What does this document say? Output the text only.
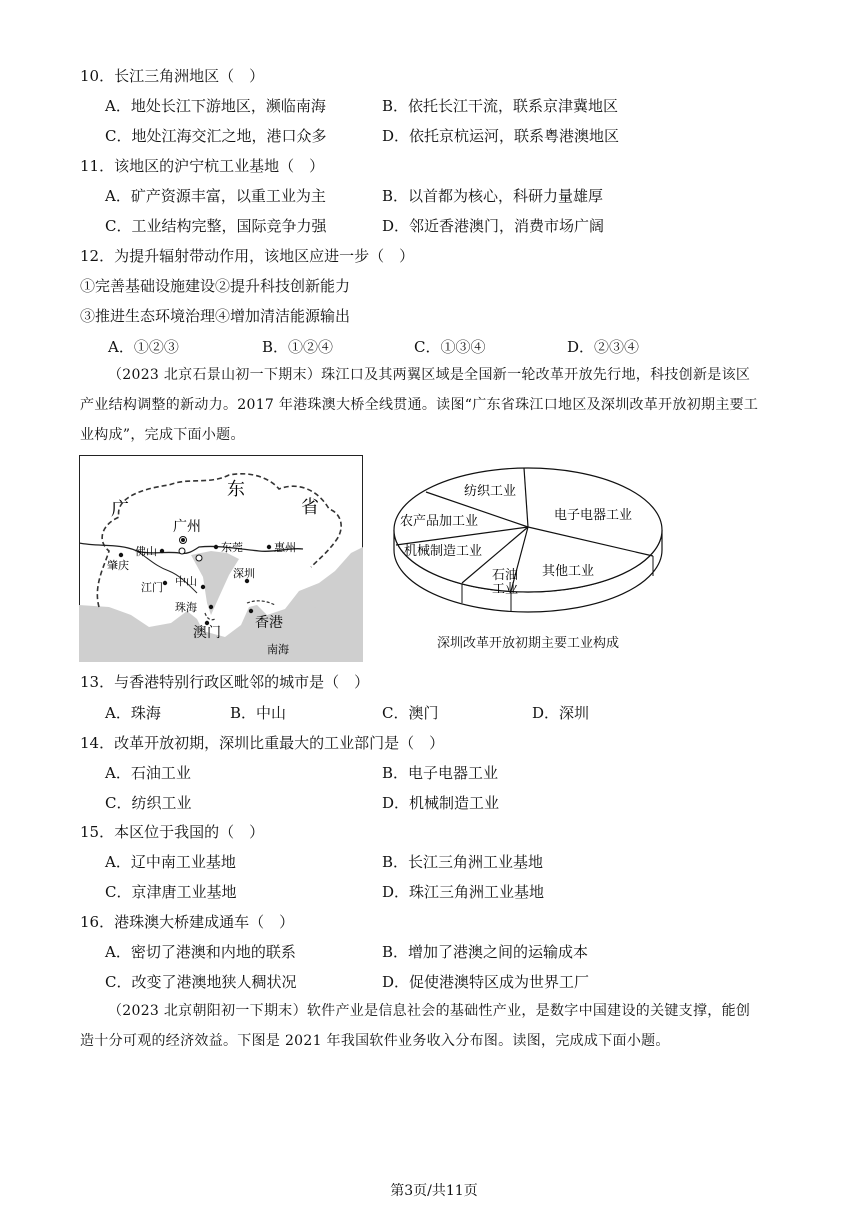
10．长江三角洲地区（　）
A．地处长江下游地区，濒临南海	B．依托长江干流，联系京津冀地区
C．地处江海交汇之地，港口众多	D．依托京杭运河，联系粤港澳地区
11．该地区的沪宁杭工业基地（　）
A．矿产资源丰富，以重工业为主	B．以首都为核心，科研力量雄厚
C．工业结构完整，国际竞争力强	D．邻近香港澳门，消费市场广阔
12．为提升辐射带动作用，该地区应进一步（　）
①完善基础设施建设②提升科技创新能力
③推进生态环境治理④增加清洁能源输出
A．①②③	B．①②④	C．①③④	D．②③④
（2023 北京石景山初一下期末）珠江口及其两翼区域是全国新一轮改革开放先行地，科技创新是该区
产业结构调整的新动力。2017 年港珠澳大桥全线贯通。读图“广东省珠江口地区及深圳改革开放初期主要工
业构成”，完成下面小题。
广
东
省
广州
佛山
肇庆
东莞	惠州
深圳
江门 中山
珠海
澳门
香港
南海
纺织工业
电子电器工业
农产品加工业
机械制造工业
石油
工业
其他工业
深圳改革开放初期主要工业构成
13．与香港特别行政区毗邻的城市是（　）
A．珠海	B．中山	C．澳门	D．深圳
14．改革开放初期，深圳比重最大的工业部门是（　）
A．石油工业	B．电子电器工业
C．纺织工业	D．机械制造工业
15．本区位于我国的（　）
A．辽中南工业基地	B．长江三角洲工业基地
C．京津唐工业基地	D．珠江三角洲工业基地
16．港珠澳大桥建成通车（　）
A．密切了港澳和内地的联系	B．增加了港澳之间的运输成本
C．改变了港澳地狭人稠状况	D．促使港澳特区成为世界工厂
（2023 北京朝阳初一下期末）软件产业是信息社会的基础性产业，是数字中国建设的关键支撑，能创
造十分可观的经济效益。下图是 2021 年我国软件业务收入分布图。读图，完成成下面小题。
第3页/共11页
